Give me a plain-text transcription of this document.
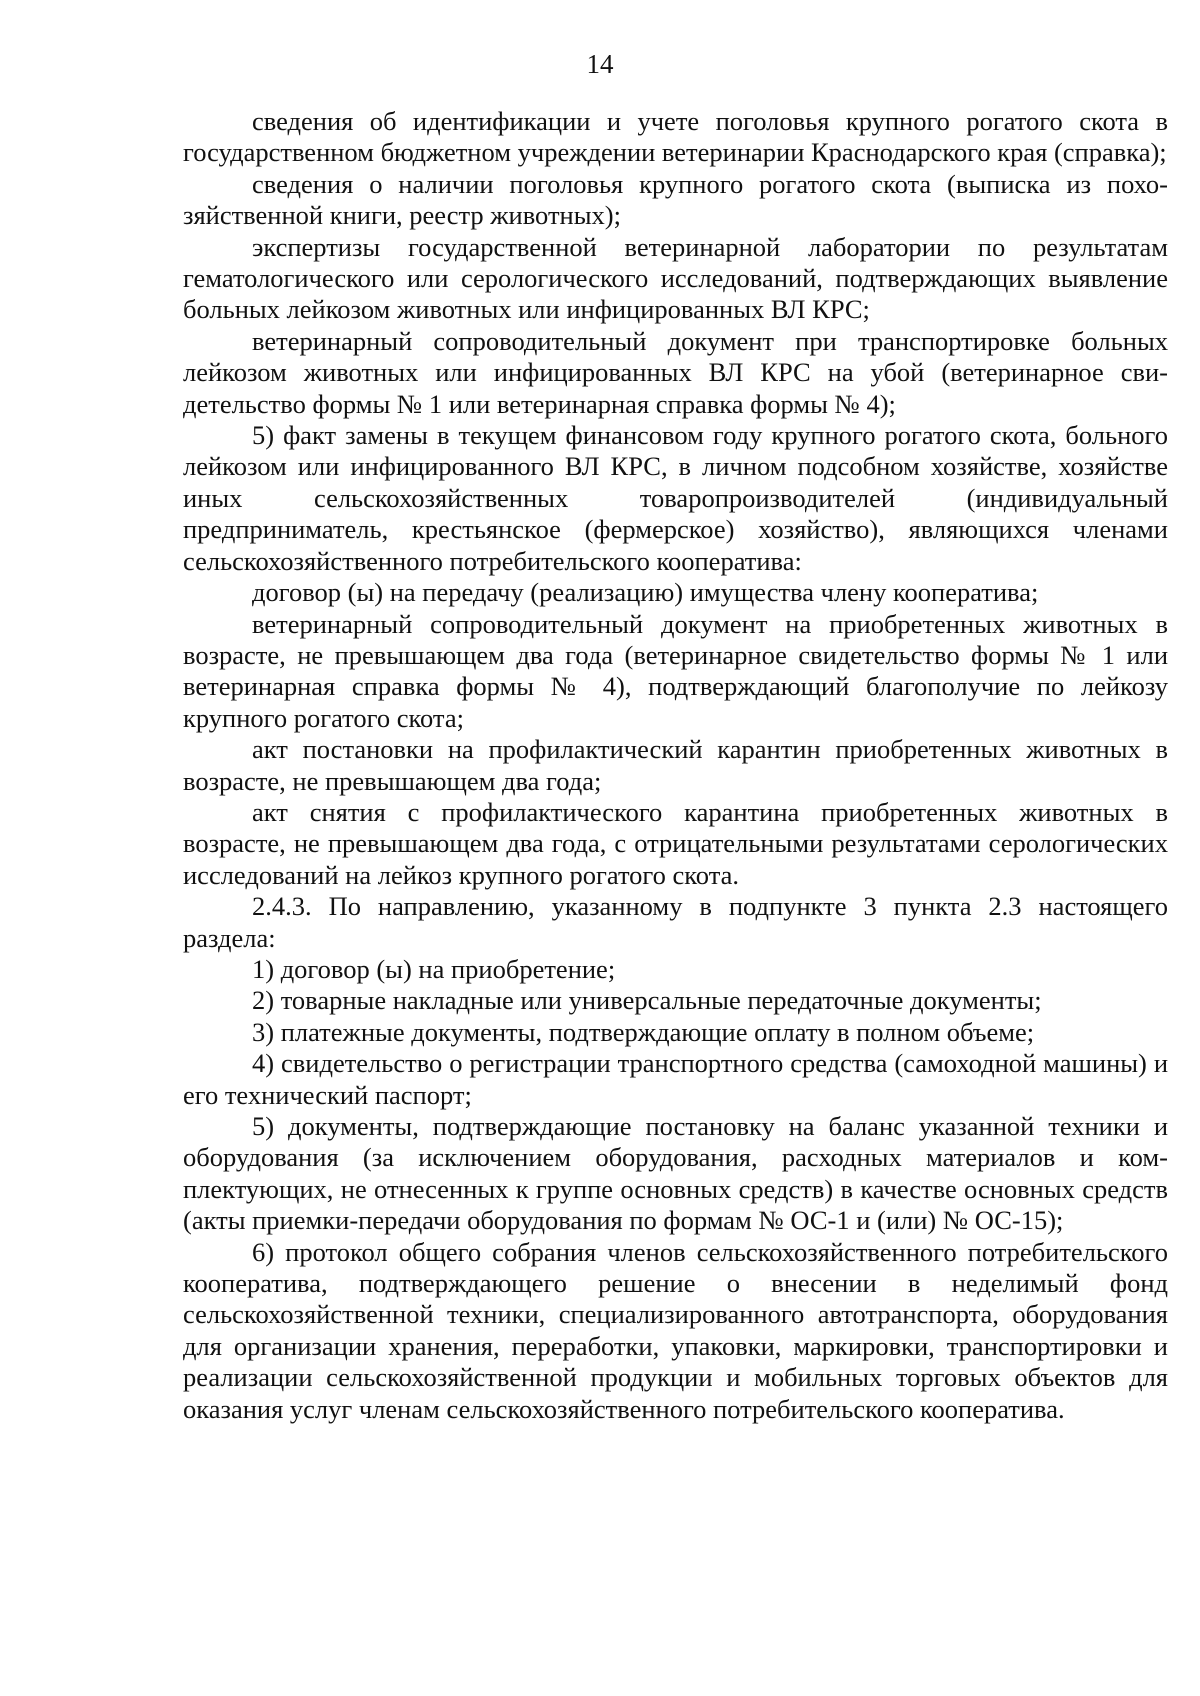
14

сведения об идентификации и учете поголовья крупного рогатого скота в государственном бюджетном учреждении ветеринарии Краснодарского края (справка);

сведения о наличии поголовья крупного рогатого скота (выписка из похозяйственной книги, реестр животных);

экспертизы государственной ветеринарной лаборатории по результатам гематологического или серологического исследований, подтверждающих выявление больных лейкозом животных или инфицированных ВЛ КРС;

ветеринарный сопроводительный документ при транспортировке больных лейкозом животных или инфицированных ВЛ КРС на убой (ветеринарное свидетельство формы № 1 или ветеринарная справка формы № 4);

5) факт замены в текущем финансовом году крупного рогатого скота, больного лейкозом или инфицированного ВЛ КРС, в личном подсобном хозяйстве, хозяйстве иных сельскохозяйственных товаропроизводителей (индивидуальный предприниматель, крестьянское (фермерское) хозяйство), являющихся членами сельскохозяйственного потребительского кооператива:

договор (ы) на передачу (реализацию) имущества члену кооператива;

ветеринарный сопроводительный документ на приобретенных животных в возрасте, не превышающем два года (ветеринарное свидетельство формы № 1 или ветеринарная справка формы № 4), подтверждающий благополучие по лейкозу крупного рогатого скота;

акт постановки на профилактический карантин приобретенных животных в возрасте, не превышающем два года;

акт снятия с профилактического карантина приобретенных животных в возрасте, не превышающем два года, с отрицательными результатами серологических исследований на лейкоз крупного рогатого скота.

2.4.3. По направлению, указанному в подпункте 3 пункта 2.3 настоящего раздела:

1) договор (ы) на приобретение;

2) товарные накладные или универсальные передаточные документы;

3) платежные документы, подтверждающие оплату в полном объеме;

4) свидетельство о регистрации транспортного средства (самоходной машины) и его технический паспорт;

5) документы, подтверждающие постановку на баланс указанной техники и оборудования (за исключением оборудования, расходных материалов и комплектующих, не отнесенных к группе основных средств) в качестве основных средств (акты приемки-передачи оборудования по формам № ОС-1 и (или) № ОС-15);

6) протокол общего собрания членов сельскохозяйственного потребительского кооператива, подтверждающего решение о внесении в неделимый фонд сельскохозяйственной техники, специализированного автотранспорта, оборудования для организации хранения, переработки, упаковки, маркировки, транспортировки и реализации сельскохозяйственной продукции и мобильных торговых объектов для оказания услуг членам сельскохозяйственного потребительского кооператива.
